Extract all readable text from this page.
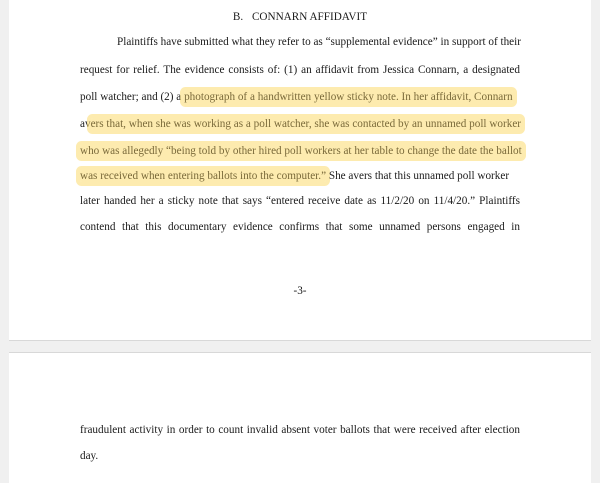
B. CONNARN AFFIDAVIT
Plaintiffs have submitted what they refer to as “supplemental evidence” in support of their
request for relief. The evidence consists of: (1) an affidavit from Jessica Connarn, a designated
poll watcher; and (2) a photograph of a handwritten yellow sticky note. In her affidavit, Connarn
avers that, when she was working as a poll watcher, she was contacted by an unnamed poll worker
who was allegedly “being told by other hired poll workers at her table to change the date the ballot
was received when entering ballots into the computer.” She avers that this unnamed poll worker
later handed her a sticky note that says “entered receive date as 11/2/20 on 11/4/20.” Plaintiffs
contend that this documentary evidence confirms that some unnamed persons engaged in
-3-
fraudulent activity in order to count invalid absent voter ballots that were received after election
day.
